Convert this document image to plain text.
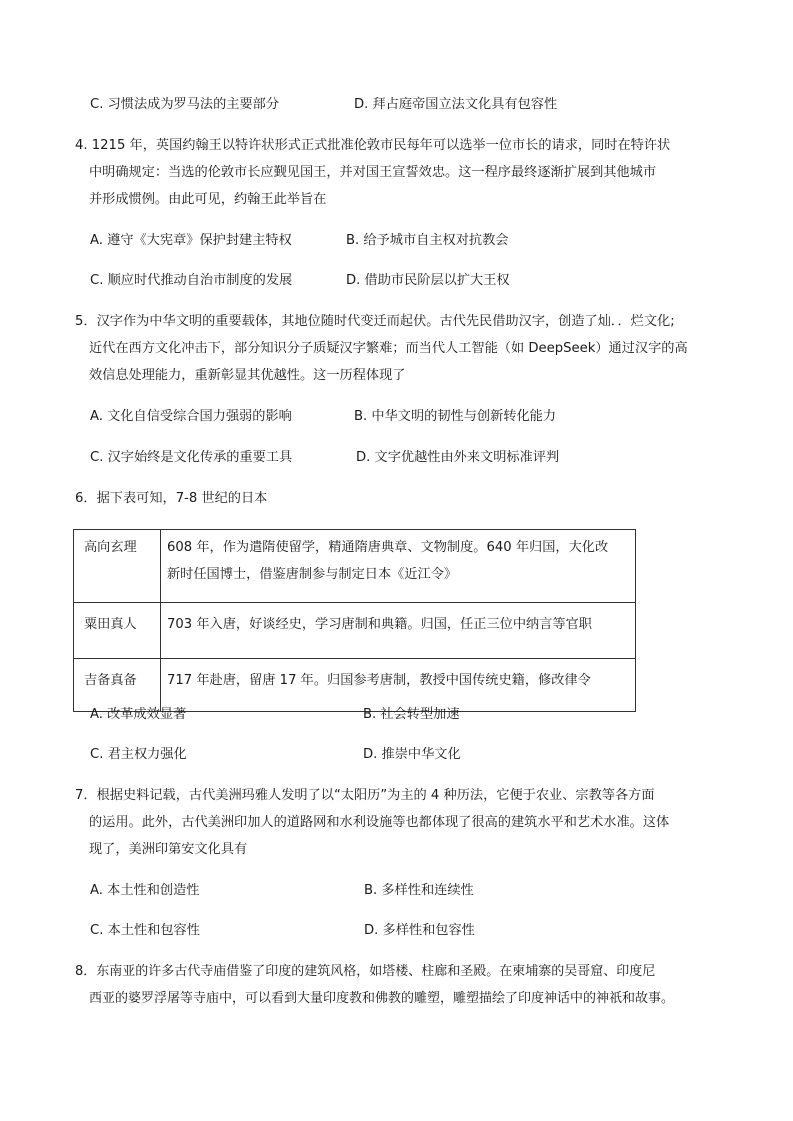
C. 习惯法成为罗马法的主要部分	D. 拜占庭帝国立法文化具有包容性
4. 1215 年，英国约翰王以特许状形式正式批准伦敦市民每年可以选举一位市长的请求，同时在特许状
中明确规定：当选的伦敦市长应觐见国王，并对国王宣誓效忠。这一程序最终逐渐扩展到其他城市
并形成惯例。由此可见，约翰王此举旨在
A. 遵守《大宪章》保护封建主特权	B. 给予城市自主权对抗教会
C. 顺应时代推动自治市制度的发展	D. 借助市民阶层以扩大王权
5．汉字作为中华文明的重要载体，其地位随时代变迁而起伏。古代先民借助汉字，创造了灿．．烂文化;
近代在西方文化冲击下，部分知识分子质疑汉字繁难；而当代人工智能（如 DeepSeek）通过汉字的高
效信息处理能力，重新彰显其优越性。这一历程体现了
A. 文化自信受综合国力强弱的影响	B. 中华文明的韧性与创新转化能力
C. 汉字始终是文化传承的重要工具	D. 文字优越性由外来文明标准评判
6．据下表可知，7-8 世纪的日本
高向玄理	608 年，作为遣隋使留学，精通隋唐典章、文物制度。640 年归国，大化改
新时任国博士，借鉴唐制参与制定日本《近江令》

粟田真人	703 年入唐，好谈经史，学习唐制和典籍。归国，任正三位中纳言等官职

吉备真备	717 年赴唐，留唐 17 年。归国参考唐制，教授中国传统史籍，修改律令
A. 改革成效显著	B. 社会转型加速
C. 君主权力强化	D. 推崇中华文化
7．根据史料记载，古代美洲玛雅人发明了以“太阳历”为主的 4 种历法，它便于农业、宗教等各方面
的运用。此外，古代美洲印加人的道路网和水利设施等也都体现了很高的建筑水平和艺术水准。这体
现了，美洲印第安文化具有
A. 本土性和创造性	B. 多样性和连续性
C. 本土性和包容性	D. 多样性和包容性
8．东南亚的许多古代寺庙借鉴了印度的建筑风格，如塔楼、柱廊和圣殿。在柬埔寨的吴哥窟、印度尼
西亚的婆罗浮屠等寺庙中，可以看到大量印度教和佛教的雕塑，雕塑描绘了印度神话中的神祇和故事。
